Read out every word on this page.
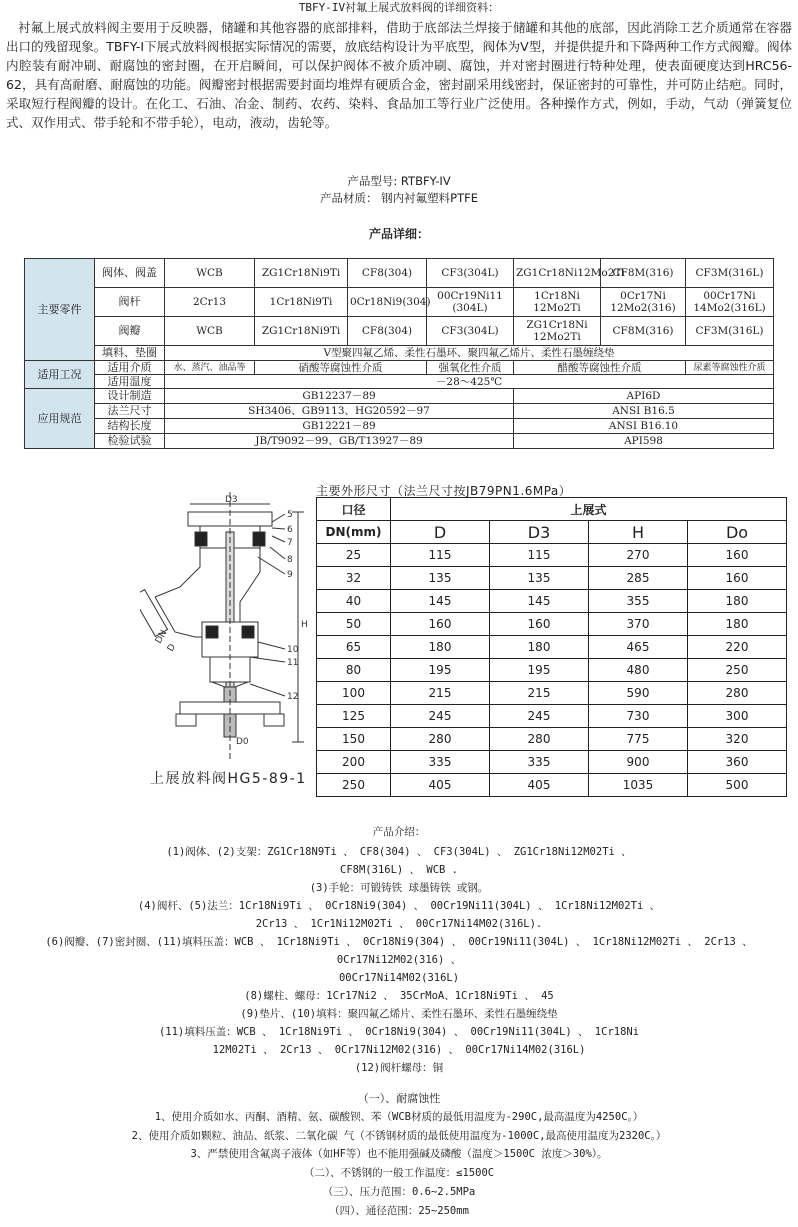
TBFY-IV衬氟上展式放料阀的详细资料：
衬氟上展式放料阀主要用于反映器，储罐和其他容器的底部排料，借助于底部法兰焊接于储罐和其他的底部，因此消除工艺介质通常在容器出口的残留现象。TBFY-Ⅰ下展式放料阀根据实际情况的需要，放底结构设计为平底型，阀体为V型，并提供提升和下降两种工作方式阀瓣。阀体内腔装有耐冲刷、耐腐蚀的密封圈，在开启瞬间，可以保护阀体不被介质冲刷、腐蚀，并对密封圈进行特种处理，使表面硬度达到HRC56-62，具有高耐磨、耐腐蚀的功能。阀瓣密封根据需要封面均堆焊有硬质合金，密封副采用线密封，保证密封的可靠性，并可防止结疤。同时，采取短行程阀瓣的设计。在化工、石油、冶金、制药、农药、染料、食品加工等行业广泛使用。各种操作方式，例如，手动，气动（弹簧复位式、双作用式、带手轮和不带手轮），电动，液动，齿轮等。
产品型号: RTBFY-IV
产品材质： 钢内衬氟塑料PTFE
产品详细：
主要零件	阀体、阀盖	WCB	ZG1Cr18Ni9Ti	CF8(304)	CF3(304L)	ZG1Cr18Ni12Mo2Ti	CF8M(316)	CF3M(316L)
	阀杆	2Cr13	1Cr18Ni9Ti	0Cr18Ni9(304)	00Cr19Ni11 (304L)	1Cr18Ni 12Mo2Ti	0Cr17Ni 12Mo2(316)	00Cr17Ni 14Mo2(316L)
	阀瓣	WCB	ZG1Cr18Ni9Ti	CF8(304)	CF3(304L)	ZG1Cr18Ni 12Mo2Ti	CF8M(316)	CF3M(316L)
	填料、垫圈	V型聚四氟乙烯、柔性石墨环、聚四氟乙烯片、柔性石墨缠绕垫						
适用工况	适用介质	水、蒸汽、油品等	硝酸等腐蚀性介质		强氧化性介质	醋酸等腐蚀性介质		尿素等腐蚀性介质
	适用温度	－28～425℃						
应用规范	设计制造	GB12237－89				API6D		
	法兰尺寸	SH3406、GB9113、HG20592－97				ANSI B16.5		
	结构长度	GB12221－89				ANSI B16.10		
	检验试验	JB/T9092－99、GB/T13927－89				API598		
主要外形尺寸（法兰尺寸按JB79PN1.6MPa）
D3
DN
D
H
D0
5
6
7
8
9
10
11
12
上展放料阀HG5-89-1
口径	上展式			
DN(mm)	D	D3	H	Do
25	115	115	270	160
32	135	135	285	160
40	145	145	355	180
50	160	160	370	180
65	180	180	465	220
80	195	195	480	250
100	215	215	590	280
125	245	245	730	300
150	280	280	775	320
200	335	335	900	360
250	405	405	1035	500
产品介绍：
(1)阀体、(2)支架：ZG1Cr18N9Ti 、 CF8(304) 、 CF3(304L) 、 ZG1Cr18Ni12M02Ti 、
CF8M(316L) 、 WCB .
(3)手轮：可锻铸铁 球墨铸铁 或钢。
(4)阀杆、(5)法兰：1Cr18Ni9Ti 、 0Cr18Ni9(304) 、 00Cr19Ni11(304L) 、 1Cr18Ni12M02Ti 、
2Cr13 、 1Cr1Ni12M02Ti 、 00Cr17Ni14M02(316L).
(6)阀瓣、(7)密封圈、(11)填料压盖：WCB 、 1Cr18Ni9Ti 、 0Cr18Ni9(304) 、 00Cr19Ni11(304L) 、 1Cr18Ni12M02Ti 、 2Cr13 、
0Cr17Ni12M02(316) 、
00Cr17Ni14M02(316L)
(8)螺柱、螺母：1Cr17Ni2 、 35CrMoA、1Cr18Ni9Ti 、 45
(9)垫片、(10)填料：聚四氟乙烯片、柔性石墨环、柔性石墨缠绕垫
(11)填料压盖：WCB 、 1Cr18Ni9Ti 、 0Cr18Ni9(304) 、 00Cr19Ni11(304L) 、 1Cr18Ni
12M02Ti 、 2Cr13 、 0Cr17Ni12M02(316) 、 00Cr17Ni14M02(316L)
(12)阀杆螺母：铜
（一）、耐腐蚀性
1、使用介质如水、丙酮、酒精、氨、碳酸钡、苯（WCB材质的最低用温度为-290C,最高温度为4250C。）
2、使用介质如颗粒、油品、纸浆、二氧化碳 气（不锈钢材质的最低使用温度为-1000C,最高使用温度为2320C。）
3、严禁使用含氟离子液体（如HF等）也不能用强碱及磷酸（温度＞1500C 浓度＞30%）。
（二）、不锈钢的一般工作温度：≤1500C
（三）、压力范围：0.6~2.5MPa
（四）、通径范围：25~250mm
